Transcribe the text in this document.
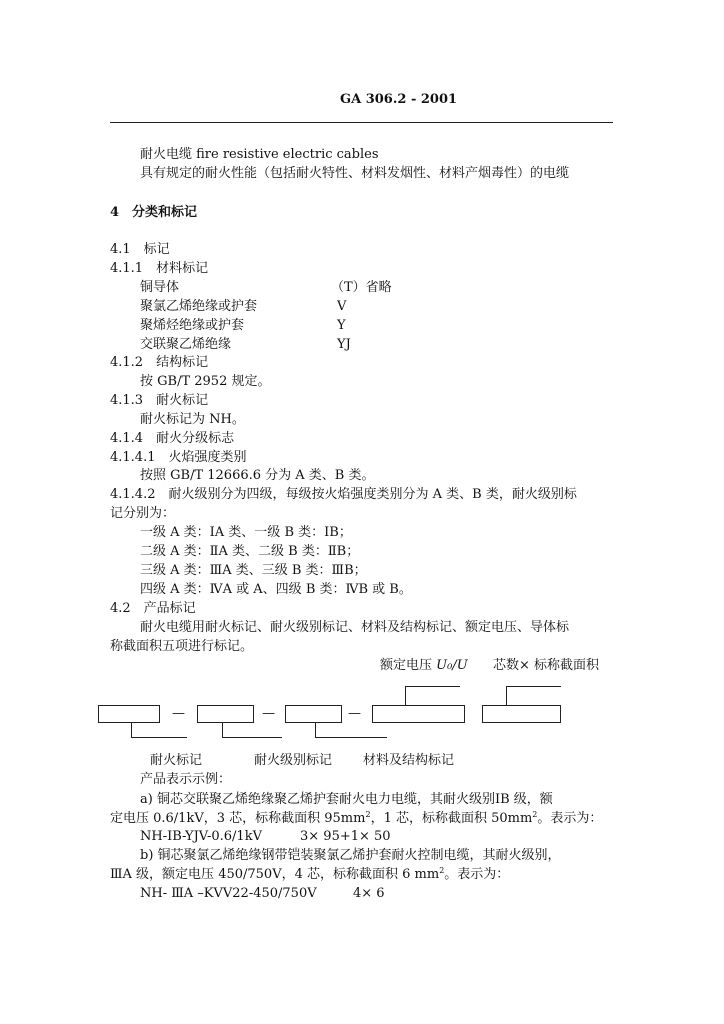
GA 306.2 - 2001
耐火电缆 fire resistive electric cables
具有规定的耐火性能（包括耐火特性、材料发烟性、材料产烟毒性）的电缆
4　分类和标记
4.1　标记
4.1.1　材料标记
铜导体	（T）省略
聚氯乙烯绝缘或护套	V
聚烯烃绝缘或护套	Y
交联聚乙烯绝缘	YJ
4.1.2　结构标记
按 GB/T 2952 规定。
4.1.3　耐火标记
耐火标记为 NH。
4.1.4　耐火分级标志
4.1.4.1　火焰强度类别
按照 GB/T 12666.6 分为 A 类、B 类。
4.1.4.2　耐火级别分为四级，每级按火焰强度类别分为 A 类、B 类，耐火级别标
记分别为：
一级 A 类：ⅠA 类、一级 B 类：ⅠB；
二级 A 类：ⅡA 类、二级 B 类：ⅡB；
三级 A 类：ⅢA 类、三级 B 类：ⅢB；
四级 A 类：ⅣA 或 A、四级 B 类：ⅣB 或 B。
4.2　产品标记
耐火电缆用耐火标记、耐火级别标记、材料及结构标记、额定电压、导体标
称截面积五项进行标记。
额定电压 U₀/U 芯数× 标称截面积
—	—	—
耐火标记	耐火级别标记 材料及结构标记
产品表示示例：
a) 铜芯交联聚乙烯绝缘聚乙烯护套耐火电力电缆，其耐火级别ⅠB 级，额
定电压 0.6/1kV，3 芯，标称截面积 $95mm^2$，1 芯，标称截面积 $50mm^2$。表示为：
NH-ⅠB-YJV-0.6/1kV	3× 95+1× 50
b) 铜芯聚氯乙烯绝缘钢带铠装聚氯乙烯护套耐火控制电缆，其耐火级别，
ⅢA 级，额定电压 450/750V，4 芯，标称截面积 6 $mm^2$。表示为：
NH- ⅢA –KVV22-450/750V	4× 6
